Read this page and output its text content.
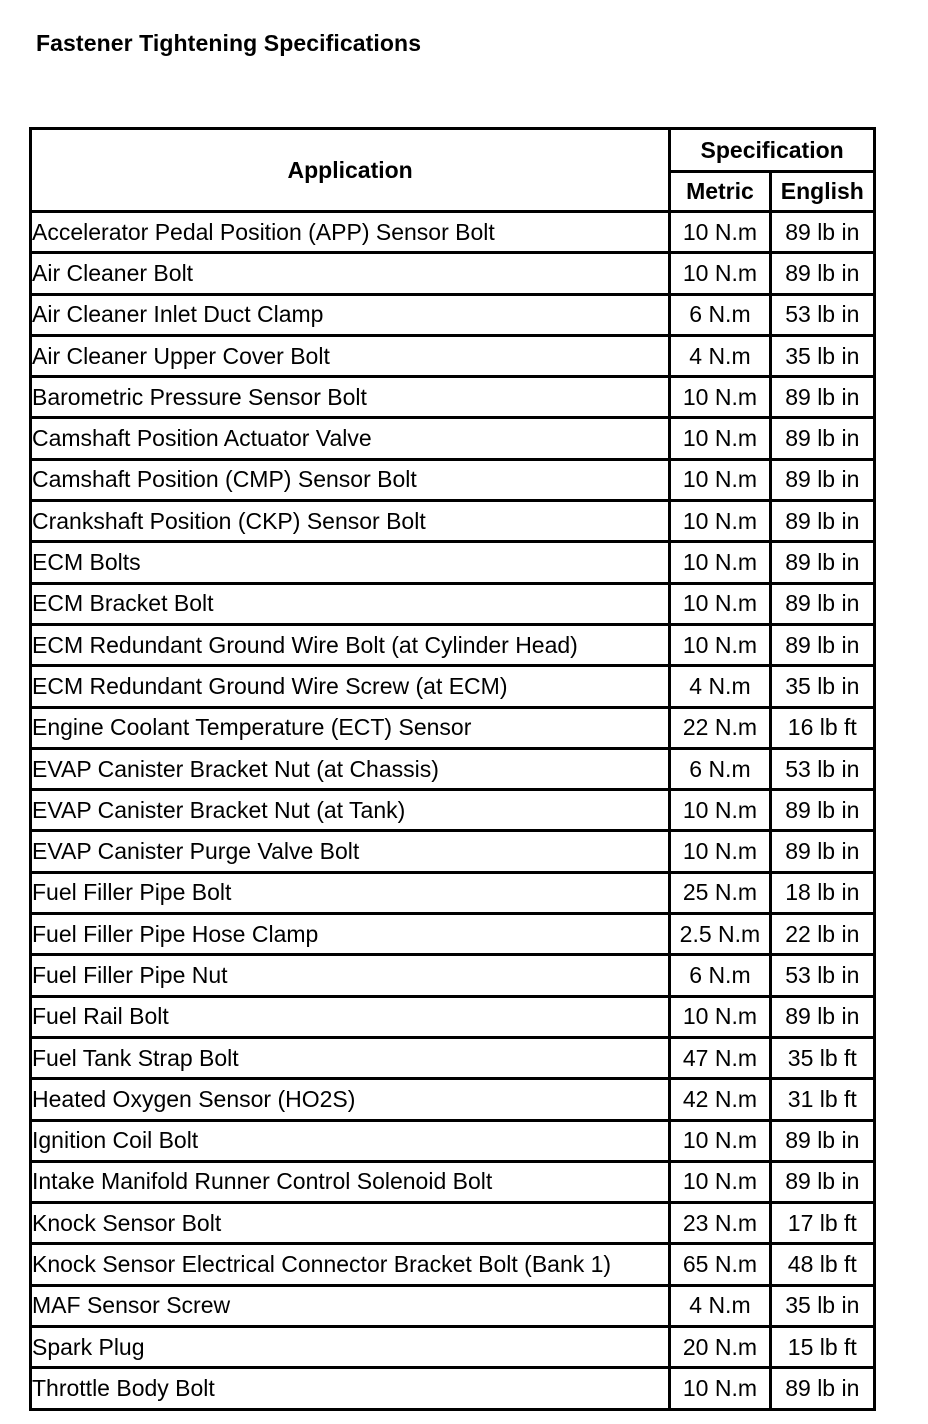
Fastener Tightening Specifications
Application	Specification	
	Metric	English
Accelerator Pedal Position (APP) Sensor Bolt	10 N.m	89 lb in
Air Cleaner Bolt	10 N.m	89 lb in
Air Cleaner Inlet Duct Clamp	6 N.m	53 lb in
Air Cleaner Upper Cover Bolt	4 N.m	35 lb in
Barometric Pressure Sensor Bolt	10 N.m	89 lb in
Camshaft Position Actuator Valve	10 N.m	89 lb in
Camshaft Position (CMP) Sensor Bolt	10 N.m	89 lb in
Crankshaft Position (CKP) Sensor Bolt	10 N.m	89 lb in
ECM Bolts	10 N.m	89 lb in
ECM Bracket Bolt	10 N.m	89 lb in
ECM Redundant Ground Wire Bolt (at Cylinder Head)	10 N.m	89 lb in
ECM Redundant Ground Wire Screw (at ECM)	4 N.m	35 lb in
Engine Coolant Temperature (ECT) Sensor	22 N.m	16 lb ft
EVAP Canister Bracket Nut (at Chassis)	6 N.m	53 lb in
EVAP Canister Bracket Nut (at Tank)	10 N.m	89 lb in
EVAP Canister Purge Valve Bolt	10 N.m	89 lb in
Fuel Filler Pipe Bolt	25 N.m	18 lb in
Fuel Filler Pipe Hose Clamp	2.5 N.m	22 lb in
Fuel Filler Pipe Nut	6 N.m	53 lb in
Fuel Rail Bolt	10 N.m	89 lb in
Fuel Tank Strap Bolt	47 N.m	35 lb ft
Heated Oxygen Sensor (HO2S)	42 N.m	31 lb ft
Ignition Coil Bolt	10 N.m	89 lb in
Intake Manifold Runner Control Solenoid Bolt	10 N.m	89 lb in
Knock Sensor Bolt	23 N.m	17 lb ft
Knock Sensor Electrical Connector Bracket Bolt (Bank 1)	65 N.m	48 lb ft
MAF Sensor Screw	4 N.m	35 lb in
Spark Plug	20 N.m	15 lb ft
Throttle Body Bolt	10 N.m	89 lb in
